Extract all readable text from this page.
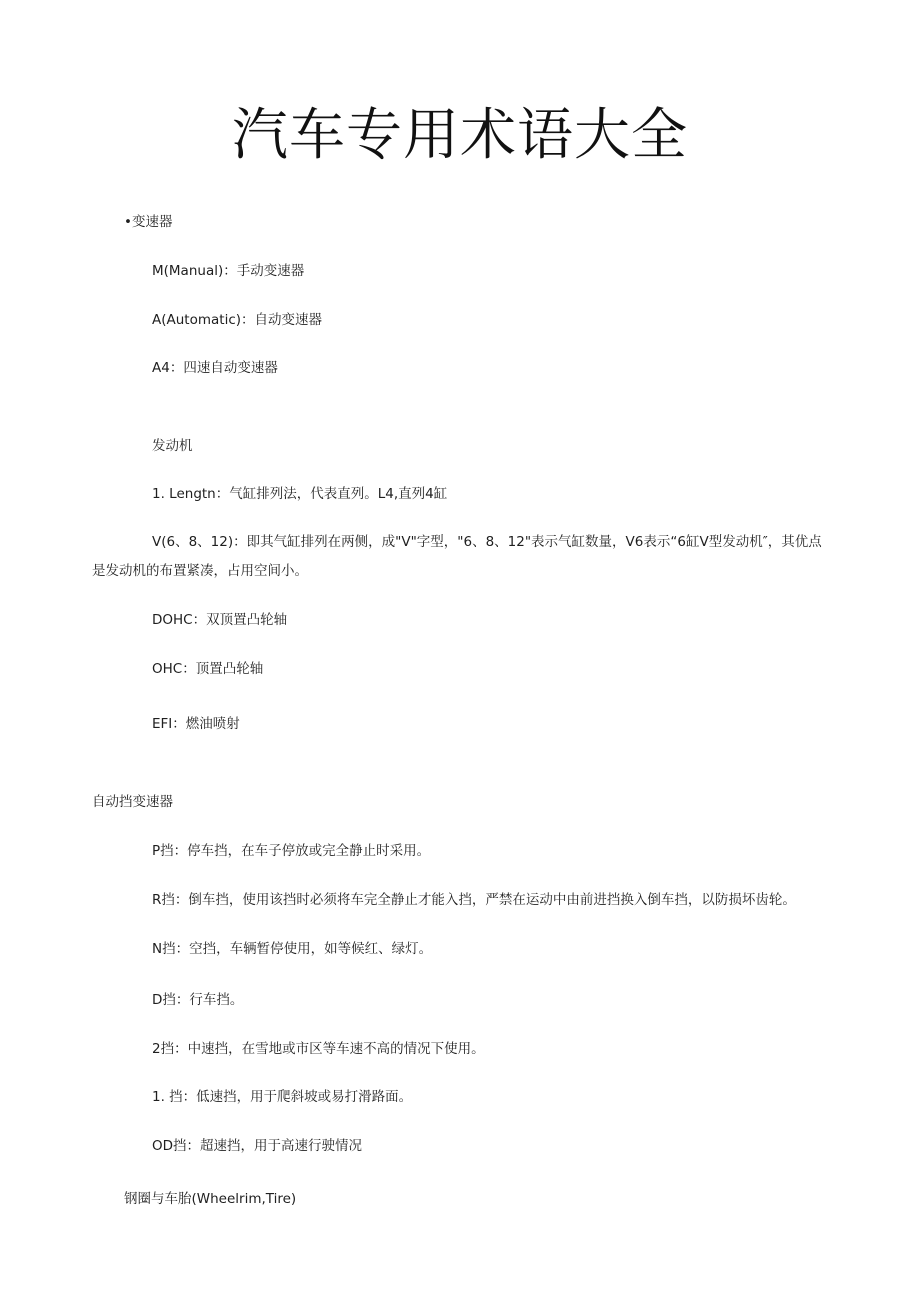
汽车专用术语大全
•变速器
M(Manual)：手动变速器
A(Automatic)：自动变速器
A4：四速自动变速器
发动机
1. Lengtn：气缸排列法，代表直列。L4,直列4缸
V(6、8、12)：即其气缸排列在两侧，成"V"字型，"6、8、12"表示气缸数量，V6表示“6缸V型发动机″，其优点是发动机的布置紧凑，占用空间小。
DOHC：双顶置凸轮轴
OHC：顶置凸轮轴
EFI：燃油喷射
自动挡变速器
P挡：停车挡，在车子停放或完全静止时采用。
R挡：倒车挡，使用该挡时必须将车完全静止才能入挡，严禁在运动中由前进挡换入倒车挡，以防损坏齿轮。
N挡：空挡，车辆暂停使用，如等候红、绿灯。
D挡：行车挡。
2挡：中速挡，在雪地或市区等车速不高的情况下使用。
1. 挡：低速挡，用于爬斜坡或易打滑路面。
OD挡：超速挡，用于高速行驶情况
钢圈与车胎(Wheelrim,Tire)
